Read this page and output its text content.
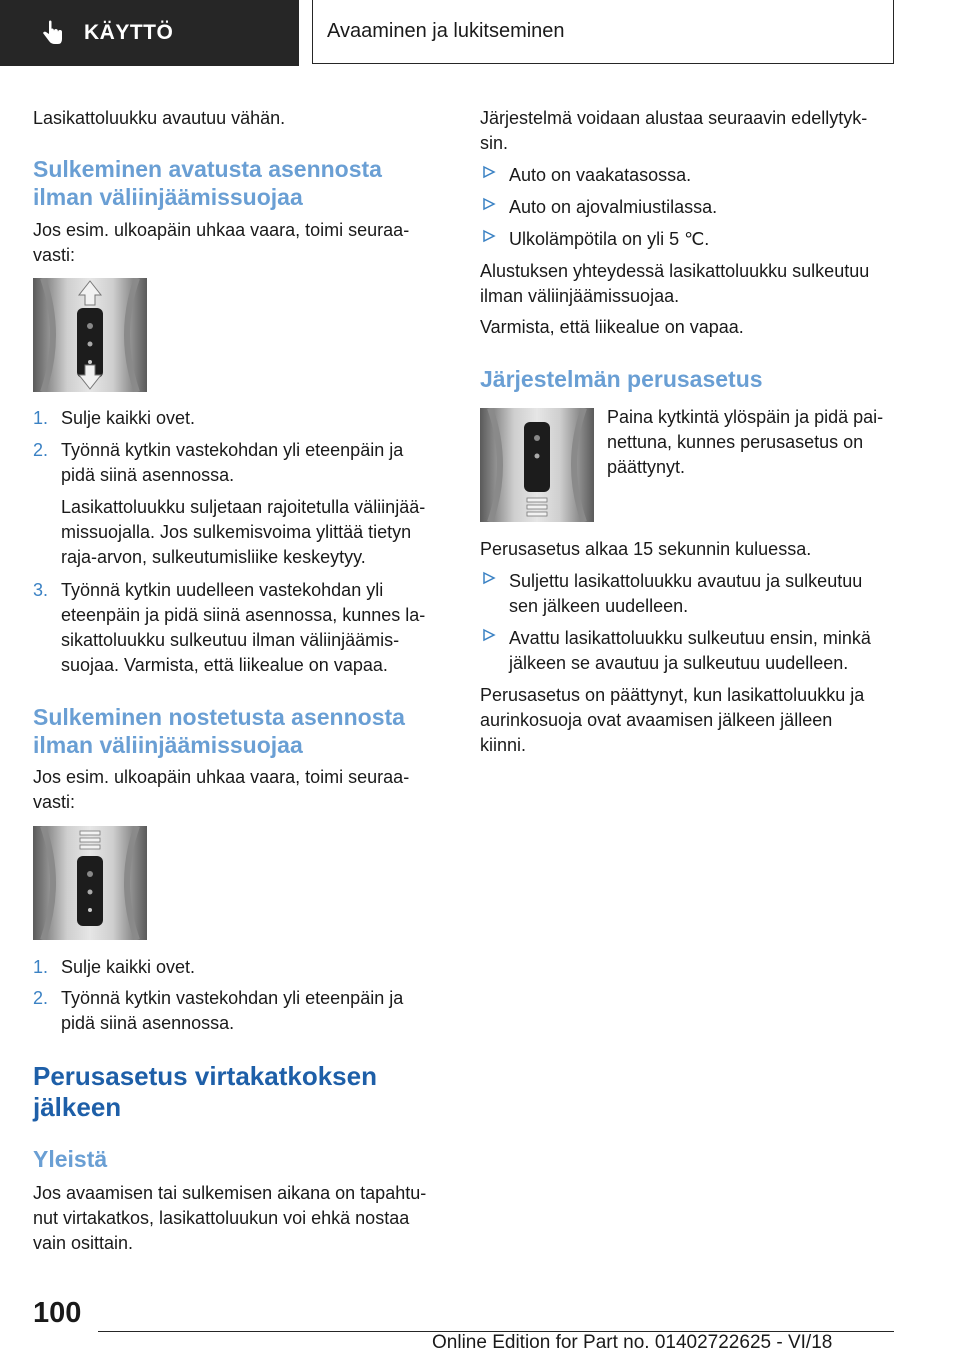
KÄYTTÖ	Avaaminen ja lukitseminen

Lasikattoluukku avautuu vähän.

Sulkeminen avatusta asennosta
ilman väliinjäämissuojaa

Jos esim. ulkoapäin uhkaa vaara, toimi seuraa-
vasti:

1. Sulje kaikki ovet.
2. Työnnä kytkin vastekohdan yli eteenpäin ja
pidä siinä asennossa.
Lasikattoluukku suljetaan rajoitetulla väliinjää-
missuojalla. Jos sulkemisvoima ylittää tietyn
raja-arvon, sulkeutumisliike keskeytyy.
3. Työnnä kytkin uudelleen vastekohdan yli
eteenpäin ja pidä siinä asennossa, kunnes la-
sikattoluukku sulkeutuu ilman väliinjäämis-
suojaa. Varmista, että liikealue on vapaa.
Sulkeminen nostetusta asennosta
ilman väliinjäämissuojaa

Jos esim. ulkoapäin uhkaa vaara, toimi seuraa-
vasti:

1. Sulje kaikki ovet.
2. Työnnä kytkin vastekohdan yli eteenpäin ja
pidä siinä asennossa.
Perusasetus virtakatkoksen
jälkeen
Yleistä

Jos avaamisen tai sulkemisen aikana on tapahtu-
nut virtakatkos, lasikattoluukun voi ehkä nostaa
vain osittain.

Järjestelmä voidaan alustaa seuraavin edellytyk-
sin.

Auto on vaakatasossa.
Auto on ajovalmiustilassa.
Ulkolämpötila on yli 5 ℃.

Alustuksen yhteydessä lasikattoluukku sulkeutuu
ilman väliinjäämissuojaa.

Varmista, että liikealue on vapaa.

Järjestelmän perusasetus

Paina kytkintä ylöspäin ja pidä pai-
nettuna, kunnes perusasetus on
päättynyt.

Perusasetus alkaa 15 sekunnin kuluessa.

Suljettu lasikattoluukku avautuu ja sulkeutuu
sen jälkeen uudelleen.
Avattu lasikattoluukku sulkeutuu ensin, minkä
jälkeen se avautuu ja sulkeutuu uudelleen.

Perusasetus on päättynyt, kun lasikattoluukku ja
aurinkosuoja ovat avaamisen jälkeen jälleen
kiinni.

100
Online Edition for Part no. 01402722625 - VI/18
